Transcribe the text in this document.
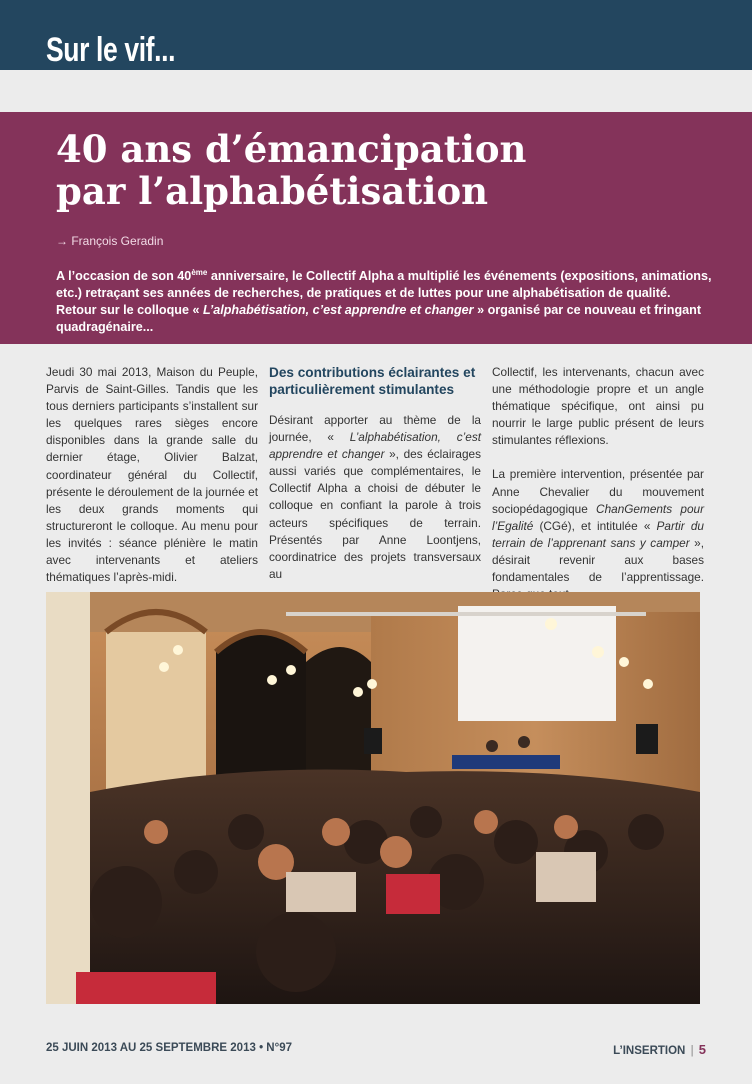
Sur le vif...
40 ans d’émancipation
par l’alphabétisation
→ François Geradin

A l’occasion de son 40ème anniversaire, le Collectif Alpha a multiplié les événements (expositions, animations, etc.) retraçant ses années de recherches, de pratiques et de luttes pour une alphabétisation de qualité. Retour sur le colloque « L’alphabétisation, c’est apprendre et changer » organisé par ce nouveau et fringant quadragénaire...

Jeudi 30 mai 2013, Maison du Peuple, Parvis de Saint-Gilles. Tandis que les tous derniers participants s’installent sur les quelques rares sièges encore disponibles dans la grande salle du dernier étage, Olivier Balzat, coordinateur général du Collectif, présente le déroulement de la journée et les deux grands moments qui structureront le colloque. Au menu pour les invités : séance plénière le matin avec intervenants et ateliers thématiques l’après-midi.

Des contributions éclairantes et particulièrement stimulantes

Désirant apporter au thème de la journée, « L’alphabétisation, c’est apprendre et changer », des éclairages aussi variés que complémentaires, le Collectif Alpha a choisi de débuter le colloque en confiant la parole à trois acteurs spécifiques de terrain. Présentés par Anne Loontjens, coordinatrice des projets transversaux au

Collectif, les intervenants, chacun avec une méthodologie propre et un angle thématique spécifique, ont ainsi pu nourrir le large public présent de leurs stimulantes réflexions.

La première intervention, présentée par Anne Chevalier du mouvement sociopédagogique ChanGements pour l’Egalité (CGé), et intitulée « Partir du terrain de l’apprenant sans y camper », désirait revenir aux bases fondamentales de l’apprentissage.

25 JUIN 2013 AU 25 SEPTEMBRE 2013 • N°97	L’INSERTION | 5
